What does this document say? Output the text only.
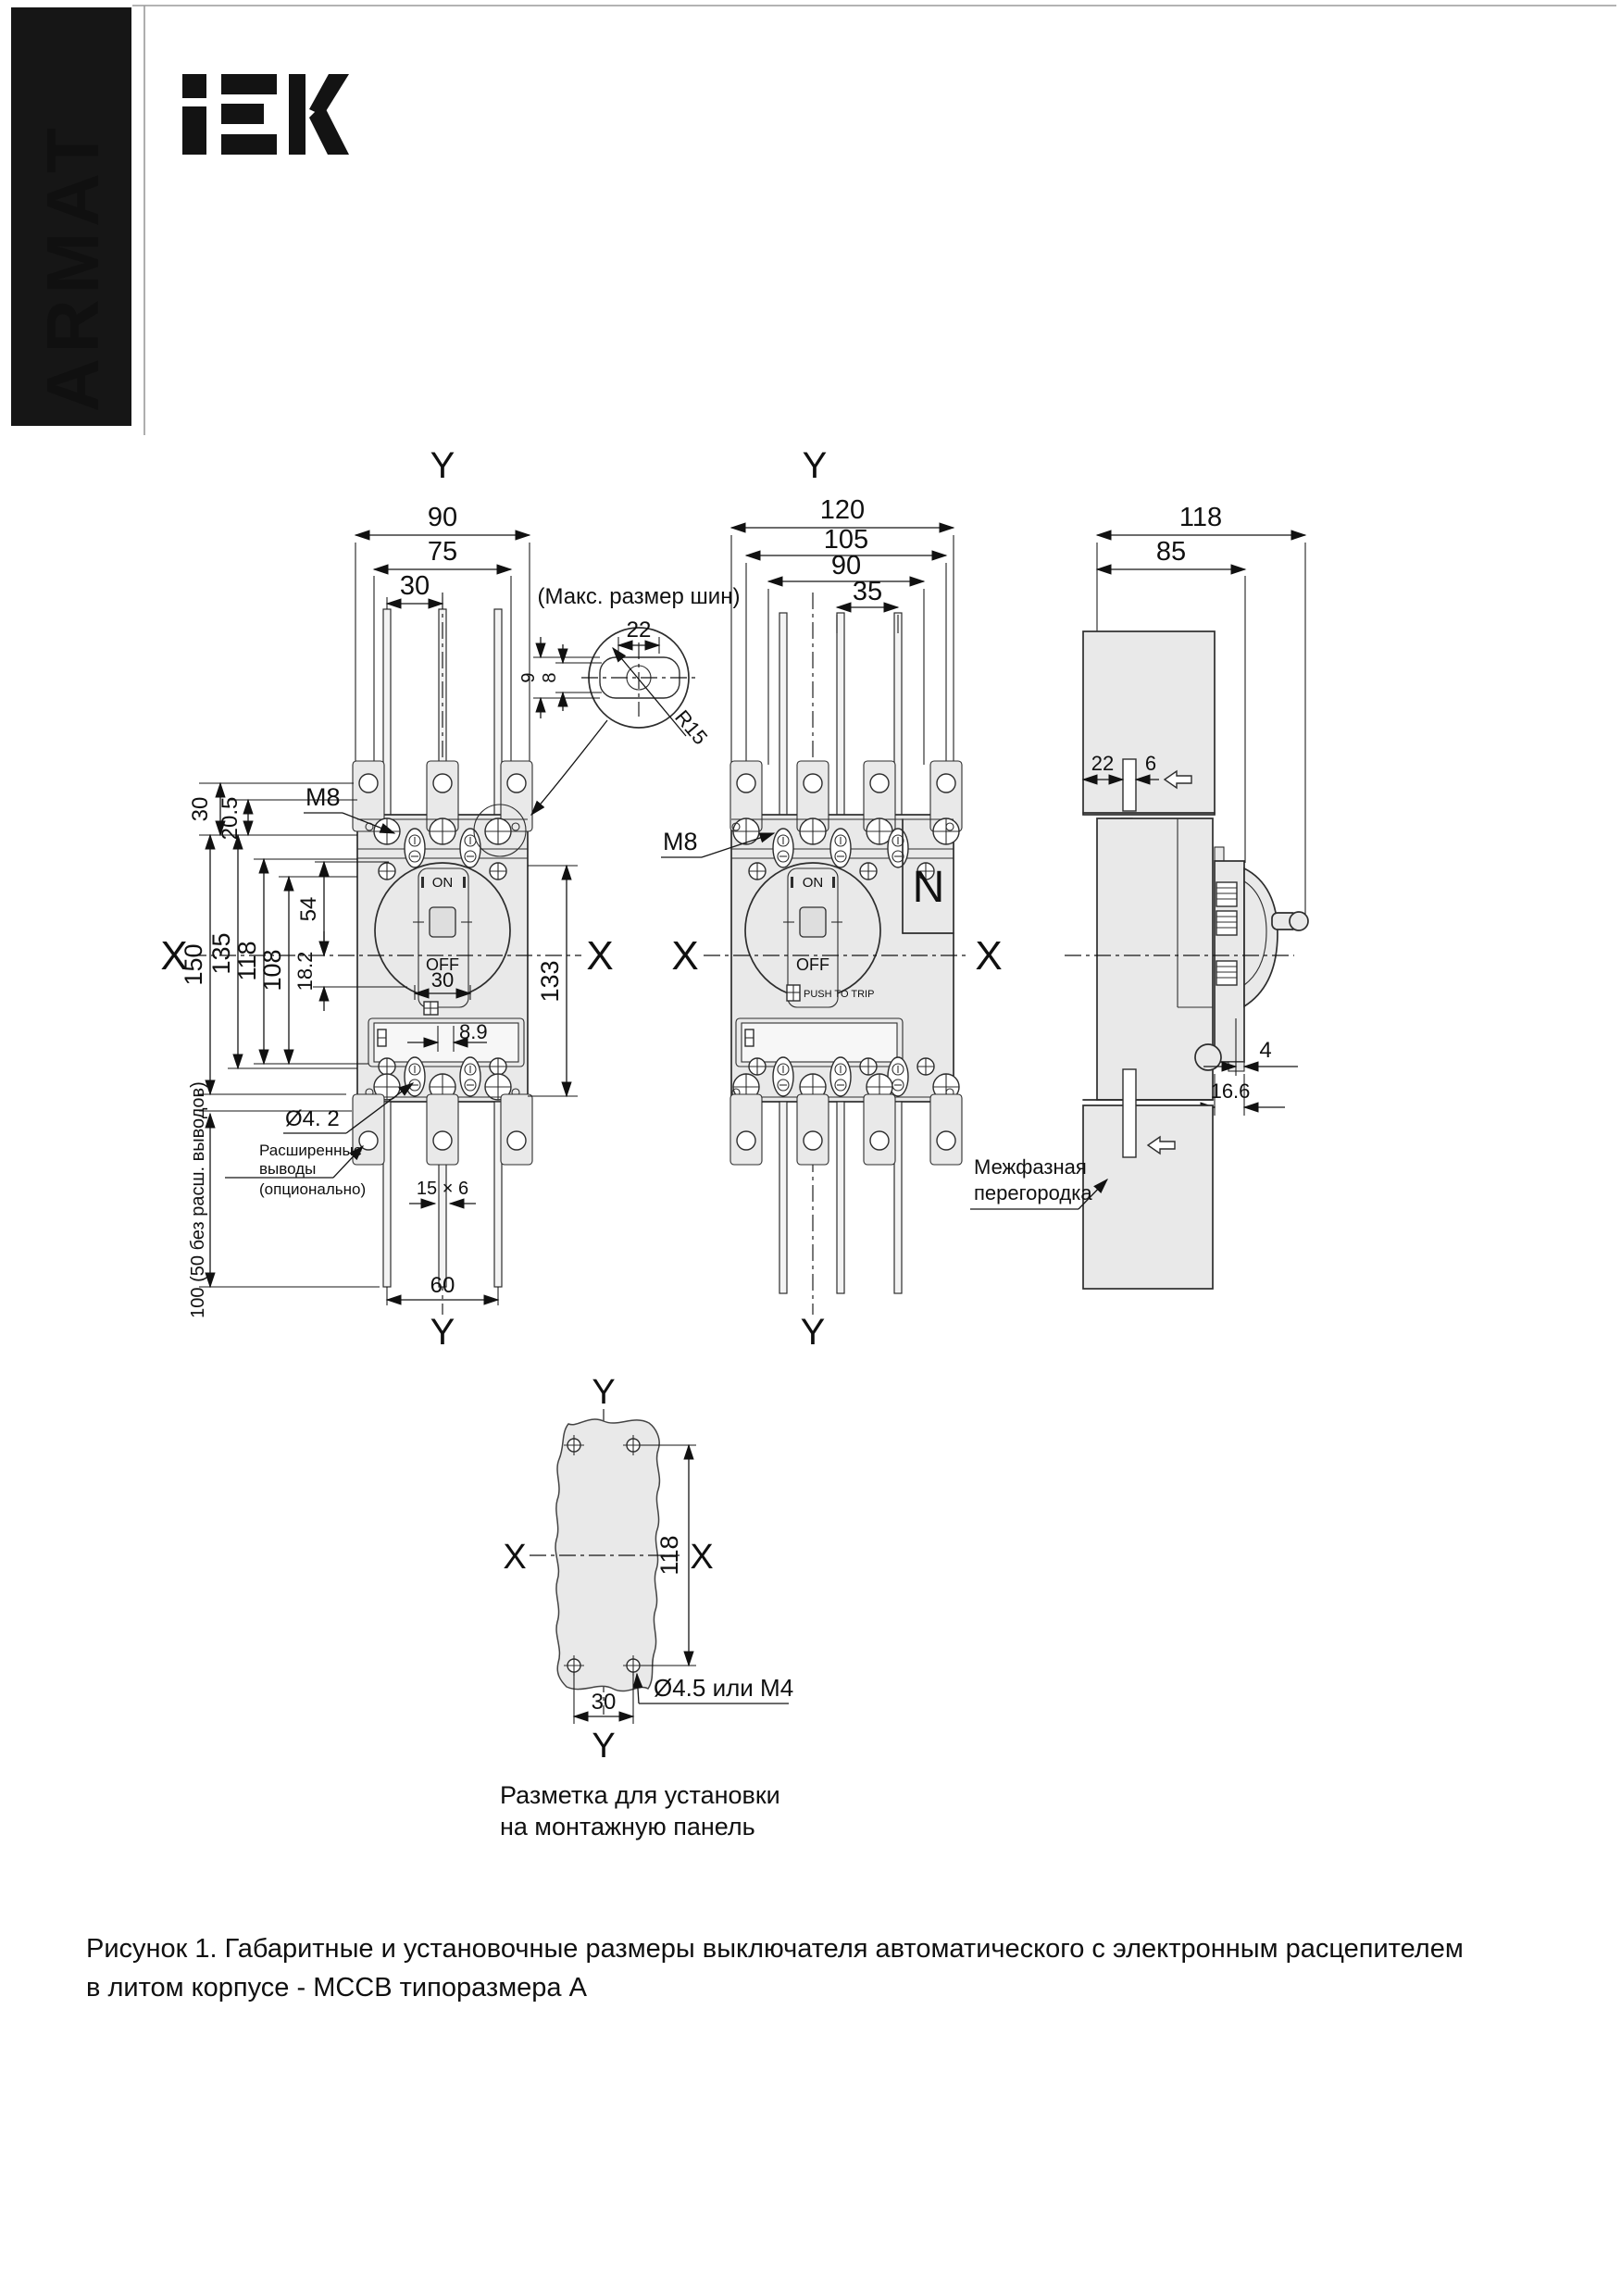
ARMAT
Y
90
75
30
ON
OFF
30
8.9
30 20.5
150 135
118
108
54
18.2
X	X
133
M8
100 (50 без расш. выводов)	Ø4. 2
Расширенные
выводы
(опционально)	15 × 6
60
Y
(Макс. размер шин)
22
9 8
R15
Y
120
105
90
35
N
M8
ON
OFF
PUSH TO TRIP
X	X
Y
118
85
22 6
4
16.6
Межфазная
перегородка
Y
X	X
118
Ø4.5 или М4
30
Y
Разметка для установки
на монтажную панель
Рисунок 1. Габаритные и установочные размеры выключателя автоматического с электронным расцепителем
в литом корпусе - МССВ типоразмера А
